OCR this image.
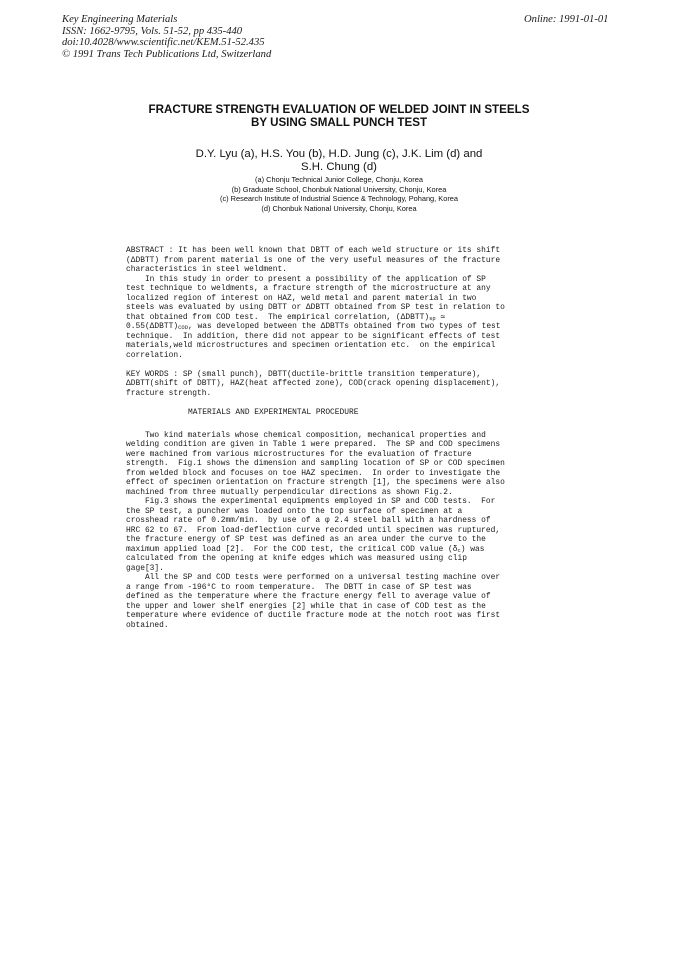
Key Engineering Materials
ISSN: 1662-9795, Vols. 51-52, pp 435-440
doi:10.4028/www.scientific.net/KEM.51-52.435
© 1991 Trans Tech Publications Ltd, Switzerland
Online: 1991-01-01
FRACTURE STRENGTH EVALUATION OF WELDED JOINT IN STEELS
BY USING SMALL PUNCH TEST
D.Y. Lyu (a), H.S. You (b), H.D. Jung (c), J.K. Lim (d) and
S.H. Chung (d)
(a) Chonju Technical Junior College, Chonju, Korea
(b) Graduate School, Chonbuk National University, Chonju, Korea
(c) Research Institute of Industrial Science & Technology, Pohang, Korea
(d) Chonbuk National University, Chonju, Korea
ABSTRACT : It has been well known that DBTT of each weld structure or its shift
(ΔDBTT) from parent material is one of the very useful measures of the fracture
characteristics in steel weldment.
In this study in order to present a possibility of the application of SP
test technique to weldments, a fracture strength of the microstructure at any
localized region of interest on HAZ, weld metal and parent material in two
steels was evaluated by using DBTT or ΔDBTT obtained from SP test in relation to
that obtained from COD test.  The empirical correlation, $(\Delta DBTT)_{sp}$ ≃
$0.55(\Delta DBTT)_{COD}$, was developed between the ΔDBTTs obtained from two types of test
technique.  In addition, there did not appear to be significant effects of test
materials,weld microstructures and specimen orientation etc.  on the empirical
correlation.
KEY WORDS : SP (small punch), DBTT(ductile-brittle transition temperature),
ΔDBTT(shift of DBTT), HAZ(heat affected zone), COD(crack opening displacement),
fracture strength.
MATERIALS AND EXPERIMENTAL PROCEDURE
Two kind materials whose chemical composition, mechanical properties and
welding condition are given in Table 1 were prepared.  The SP and COD specimens
were machined from various microstructures for the evaluation of fracture
strength.  Fig.1 shows the dimension and sampling location of SP or COD specimen
from welded block and focuses on toe HAZ specimen.  In order to investigate the
effect of specimen orientation on fracture strength [1], the specimens were also
machined from three mutually perpendicular directions as shown Fig.2.
Fig.3 shows the experimental equipments employed in SP and COD tests.  For
the SP test, a puncher was loaded onto the top surface of specimen at a
crosshead rate of 0.2mm/min.  by use of a φ 2.4 steel ball with a hardness of
HRC 62 to 67.  From load-deflection curve recorded until specimen was ruptured,
the fracture energy of SP test was defined as an area under the curve to the
maximum applied load [2].  For the COD test, the critical COD value $(\delta_c)$ was
calculated from the opening at knife edges which was measured using clip
gage[3].
All the SP and COD tests were performed on a universal testing machine over
a range from -196°C to room temperature.  The DBTT in case of SP test was
defined as the temperature where the fracture energy fell to average value of
the upper and lower shelf energies [2] while that in case of COD test as the
temperature where evidence of ductile fracture mode at the notch root was first
obtained.
